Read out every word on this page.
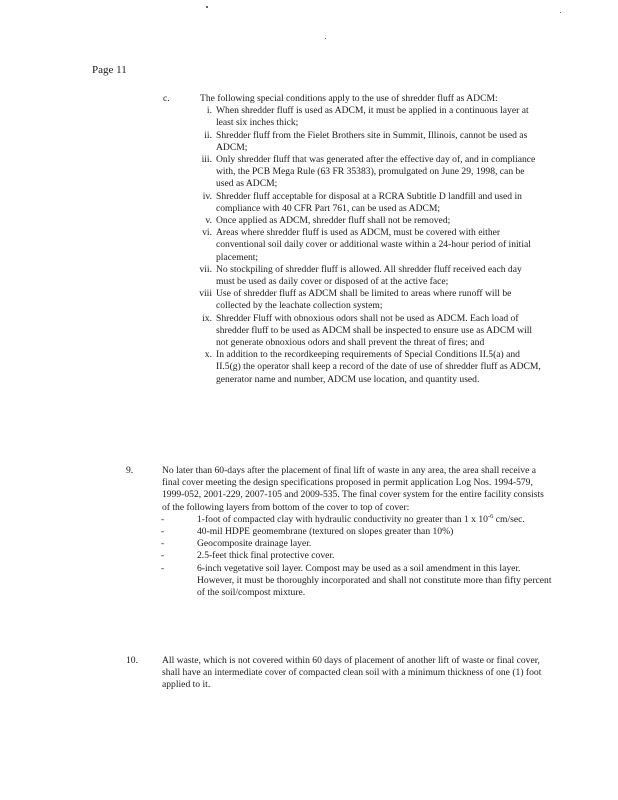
Page 11
c.	The following special conditions apply to the use of shredder fluff as ADCM:
i. When shredder fluff is used as ADCM, it must be applied in a continuous layer at least six inches thick;
ii. Shredder fluff from the Fielet Brothers site in Summit, Illinois, cannot be used as ADCM;
iii. Only shredder fluff that was generated after the effective day of, and in compliance with, the PCB Mega Rule (63 FR 35383), promulgated on June 29, 1998, can be used as ADCM;
iv. Shredder fluff acceptable for disposal at a RCRA Subtitle D landfill and used in compliance with 40 CFR Part 761, can be used as ADCM;
v. Once applied as ADCM, shredder fluff shall not be removed;
vi. Areas where shredder fluff is used as ADCM, must be covered with either conventional soil daily cover or additional waste within a 24-hour period of initial placement;
vii. No stockpiling of shredder fluff is allowed. All shredder fluff received each day must be used as daily cover or disposed of at the active face;
viii Use of shredder fluff as ADCM shall be limited to areas where runoff will be collected by the leachate collection system;
ix. Shredder Fluff with obnoxious odors shall not be used as ADCM. Each load of shredder fluff to be used as ADCM shall be inspected to ensure use as ADCM will not generate obnoxious odors and shall prevent the threat of fires; and
x. In addition to the recordkeeping requirements of Special Conditions II.5(a) and II.5(g) the operator shall keep a record of the date of use of shredder fluff as ADCM, generator name and number, ADCM use location, and quantity used.
9.	No later than 60-days after the placement of final lift of waste in any area, the area shall receive a final cover meeting the design specifications proposed in permit application Log Nos. 1994-579, 1999-052, 2001-229, 2007-105 and 2009-535. The final cover system for the entire facility consists of the following layers from bottom of the cover to top of cover:
-	1-foot of compacted clay with hydraulic conductivity no greater than 1 x $10^{-6}$ cm/sec.
-	40-mil HDPE geomembrane (textured on slopes greater than 10%)
-	Geocomposite drainage layer.
-	2.5-feet thick final protective cover.
-	6-inch vegetative soil layer. Compost may be used as a soil amendment in this layer. However, it must be thoroughly incorporated and shall not constitute more than fifty percent of the soil/compost mixture.
10.	All waste, which is not covered within 60 days of placement of another lift of waste or final cover, shall have an intermediate cover of compacted clean soil with a minimum thickness of one (1) foot applied to it.
